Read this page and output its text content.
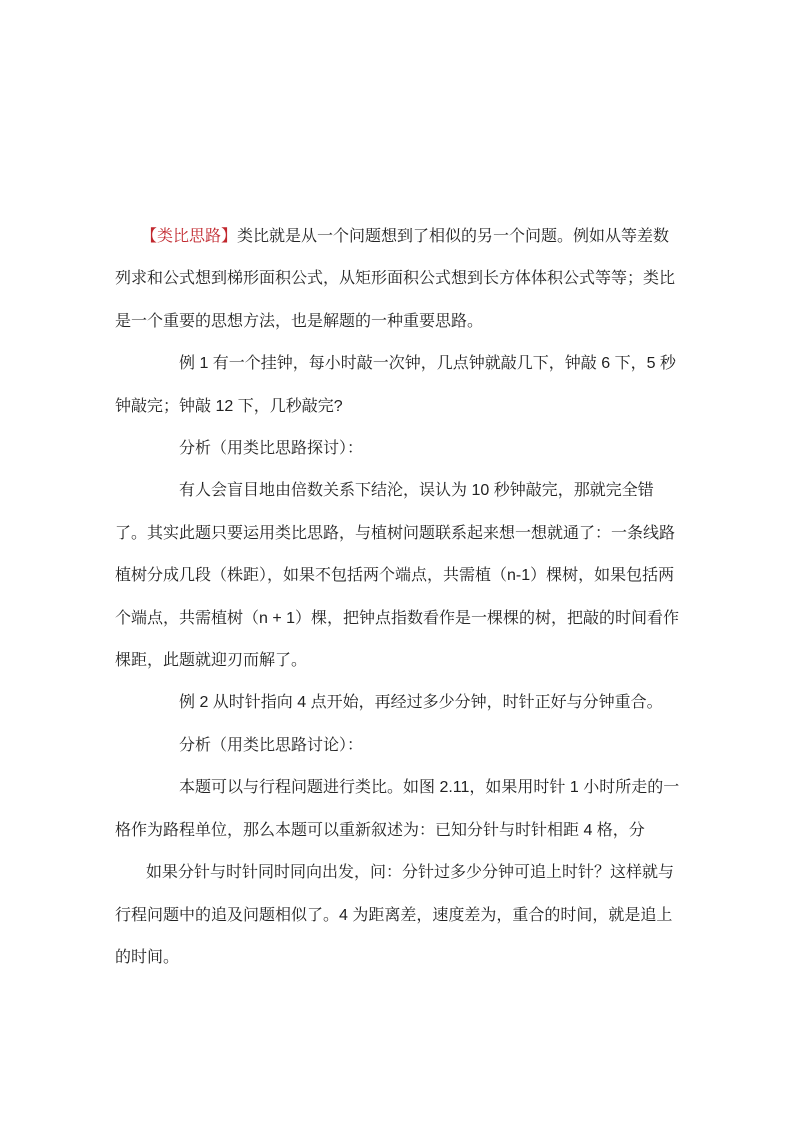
【类比思路】类比就是从一个问题想到了相似的另一个问题。例如从等差数列求和公式想到梯形面积公式，从矩形面积公式想到长方体体积公式等等；类比是一个重要的思想方法，也是解题的一种重要思路。

例 1 有一个挂钟，每小时敲一次钟，几点钟就敲几下，钟敲 6 下，5 秒钟敲完；钟敲 12 下，几秒敲完?

分析（用类比思路探讨）：

有人会盲目地由倍数关系下结沦，误认为 10 秒钟敲完，那就完全错了。其实此题只要运用类比思路，与植树问题联系起来想一想就通了：一条线路植树分成几段（株距），如果不包括两个端点，共需植（n-1）棵树，如果包括两个端点，共需植树（n + 1）棵，把钟点指数看作是一棵棵的树，把敲的时间看作棵距，此题就迎刃而解了。

例 2 从时针指向 4 点开始，再经过多少分钟，时针正好与分钟重合。

分析（用类比思路讨论）：

本题可以与行程问题进行类比。如图 2.11，如果用时针 1 小时所走的一格作为路程单位，那么本题可以重新叙述为：已知分针与时针相距 4 格，分

如果分针与时针同时同向出发，问：分针过多少分钟可追上时针？这样就与行程问题中的追及问题相似了。4 为距离差，速度差为，重合的时间，就是追上的时间。
